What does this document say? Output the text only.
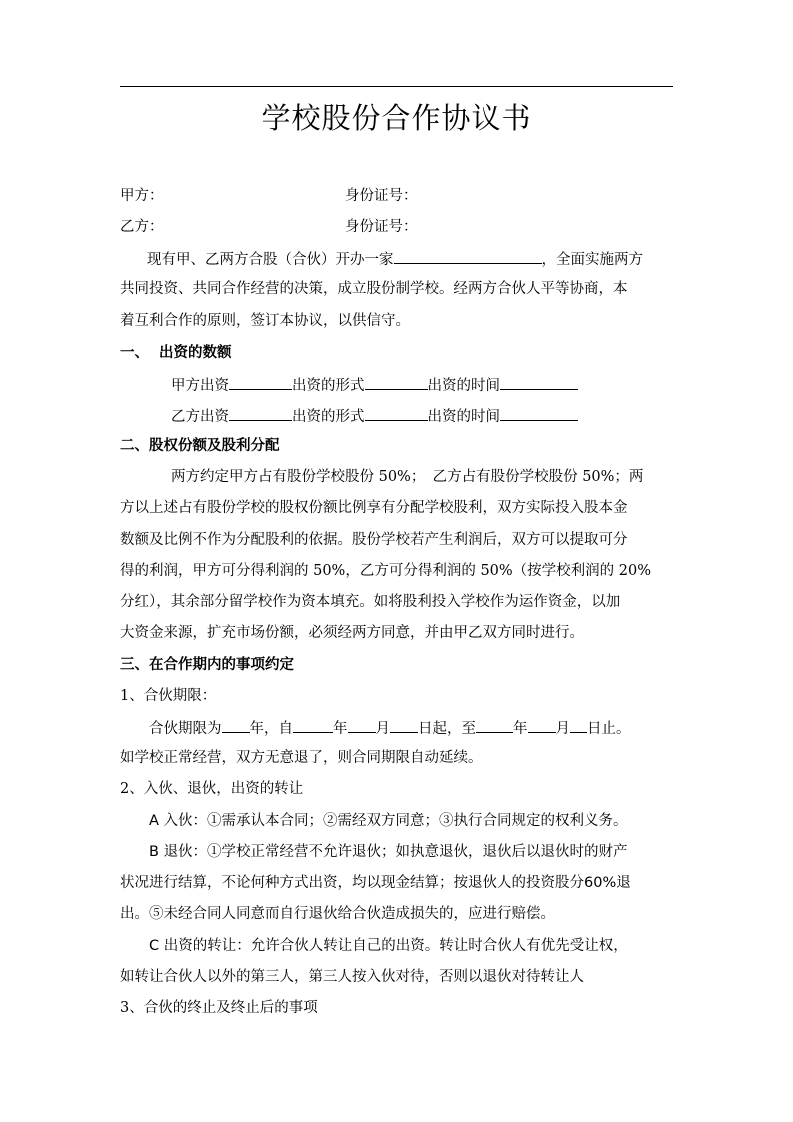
学校股份合作协议书
甲方：	身份证号：
乙方：	身份证号：
现有甲、乙两方合股（合伙）开办一家	，全面实施两方
共同投资、共同合作经营的决策，成立股份制学校。经两方合伙人平等协商，本
着互利合作的原则，签订本协议，以供信守。
一、 出资的数额
甲方出资	出资的形式	出资的时间
乙方出资	出资的形式	出资的时间
二、股权份额及股利分配
两方约定甲方占有股份学校股份 50%；　乙方占有股份学校股份 50%；两
方以上述占有股份学校的股权份额比例享有分配学校股利，双方实际投入股本金
数额及比例不作为分配股利的依据。股份学校若产生利润后，双方可以提取可分
得的利润，甲方可分得利润的 50%，乙方可分得利润的 50%（按学校利润的 20%
分红），其余部分留学校作为资本填充。如将股利投入学校作为运作资金，以加
大资金来源，扩充市场份额，必须经两方同意，并由甲乙双方同时进行。
三、在合作期内的事项约定
1、合伙期限：
合伙期限为 年，自	年 月 日起，至	年 月 日止。
如学校正常经营，双方无意退了，则合同期限自动延续。
2、入伙、退伙，出资的转让
A 入伙：①需承认本合同；②需经双方同意；③执行合同规定的权利义务。
B 退伙：①学校正常经营不允许退伙；如执意退伙，退伙后以退伙时的财产
状况进行结算，不论何种方式出资，均以现金结算；按退伙人的投资股分60%退
出。⑤未经合同人同意而自行退伙给合伙造成损失的，应进行赔偿。
C 出资的转让：允许合伙人转让自己的出资。转让时合伙人有优先受让权，
如转让合伙人以外的第三人，第三人按入伙对待，否则以退伙对待转让人
3、合伙的终止及终止后的事项
